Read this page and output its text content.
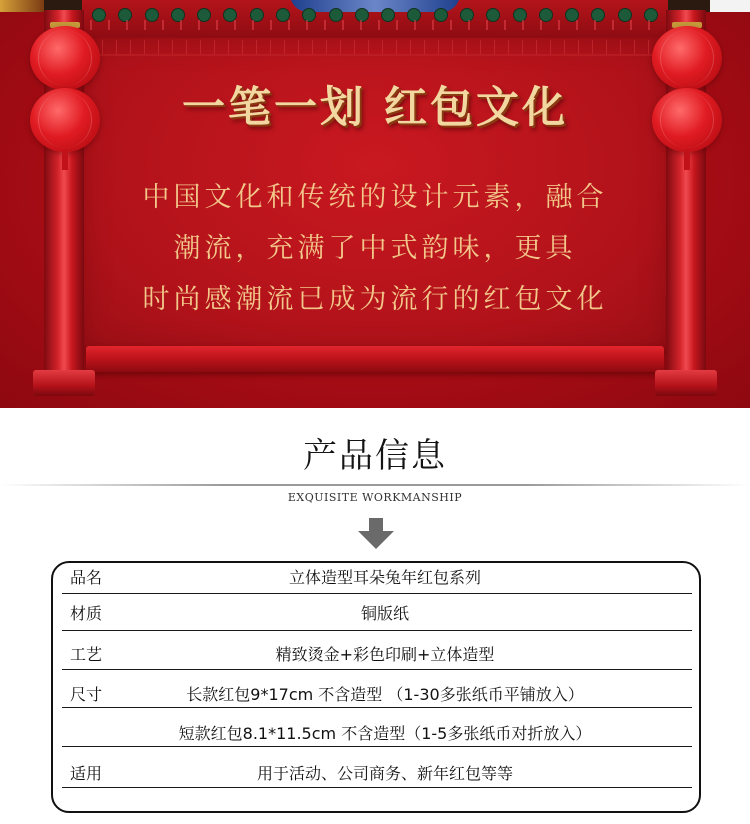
一笔一划 红包文化
中国文化和传统的设计元素，融合
潮流，充满了中式韵味，更具
时尚感潮流已成为流行的红包文化
产品信息
EXQUISITE WORKMANSHIP
品名	立体造型耳朵兔年红包系列
材质	铜版纸
工艺	精致烫金+彩色印刷+立体造型
尺寸	长款红包9*17cm 不含造型 （1-30多张纸币平铺放入）
短款红包8.1*11.5cm 不含造型（1-5多张纸币对折放入）
适用	用于活动、公司商务、新年红包等等
